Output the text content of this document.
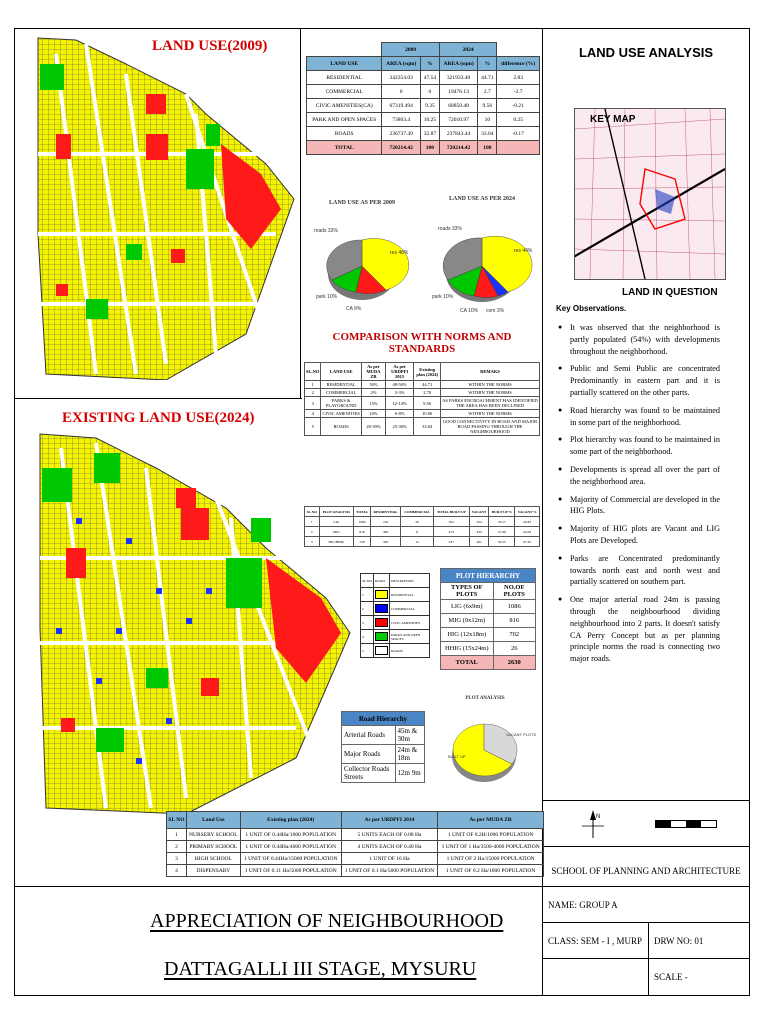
LAND USE(2009)
EXISTING LAND USE(2024)
	2009		2024		
LAND USE	AREA (sqm)	%	AREA (sqm)	%	difference (%)
RESIDENTIAL	342354.03	47.54	321933.40	44.71	2.83
COMMERCIAL	0	0	19476.13	2.7	-2.7
CIVIC AMENITIES(CA)	67319.494	9.35	68850.48	9.56	-0.21
PARK AND OPEN SPACES	73803.4	10.25	72010.97	10	0.25
ROADS	236737.49	32.87	237843.44	33.04	-0.17
TOTAL	720214.42	100	720214.42	100	
LAND USE AS PER 2009
roads 33%
park 10%
CA 9%
res 48%
LAND USE AS PER 2024
roads 33%
park 10%
CA 10% com 3%
res 44%
COMPARISON WITH NORMS AND STANDARDS
SL.NO	LAND USE	As per MUDA ZR	As per URDPFI 2015	Existing plan (2024)	REMAKS
1	RESIDENTIAL	50%	48-50%	44.71	WITHIN THE NORMS
2	COMMERCIAL	2%	2-3%	2.70	WITHIN THE NORMS
3	PARKS & PLAYGROUND	15%	12-14%	9.56	AS PARKS ENCROACHMENT HAS IDENTIFIED THE AREA HAS BEEN DECLINED
4	CIVIC AMENITIES	10%	6-8%	10.00	WITHIN THE NORMS
5	ROADS	20-30%	25-30%	33.04	GOOD CONNECTIVITY IN ROAD AND MAJOR ROAD PASSING THROUGH THE NEIGHBOURHOOD
SL.NO	PLOT ANALYSIS	TOTAL	RESIDENTIAL	COMMERCIAL	TOTAL BUILT UP	VACANT	BUILT UP %	VACANT %
1	LIG	1086	742	20	762	324	70.17	29.83
2	MIG	816	465	8	473	343	57.96	42.04
3	HIG/HHIG	728	365	12	237	491	32.55	67.45
SL.NO	ROAD	DESCRIPTION
1		RESIDENTIAL
2		COMMERCIAL
3		CIVIC AMENITIES
4		PARKS AND OPEN SPACES
5		ROADS
PLOT HIERARCHY	
TYPES OF PLOTS	NO.OF PLOTS
LIG (6x9m)	1086
MIG (9x12m)	816
HIG (12x18m)	702
HHIG (15x24m)	26
TOTAL	2630
Road Hierarchy	
Arterial Roads	45m & 30m
Major Roads	24m & 18m
Collector Roads Streets	12m 9m
PLOT ANALYSIS
VACANT PLOTS
BUILT UP
SL NO	Land Use	Existing plan (2024)	As per URDPFI 2014	As per MUDA ZR
1	NURSERY SCHOOL	1 UNIT OF 0.44Ha/1000 POPULATION	5 UNITS EACH OF 0.08 Ha	1 UNIT OF 0.2H/1000 POPULATION
2	PRIMARY SCHOOL	1 UNIT OF 0.44Ha/4000 POPULATION	4 UNITS EACH OF 0.40 Ha	1 UNIT OF 1 Ha/3500-4000 POPULATION
3	HIGH SCHOOL	1 UNIT OF 0.44Ha/15000 POPULATION	1 UNIT OF 16 Ha	1 UNIT OF 2 Ha/15000 POPULATION
4	DISPENSARY	1 UNIT OF 0.11 Ha/5000 POPULATION	1 UNIT OF 0.1 Ha/5000 POPULATION	1 UNIT OF 0.2 Ha/1000 POPULATION
LAND USE ANALYSIS
KEY MAP
LAND IN QUESTION
Key Observations.
● It was observed that the neighborhood is partly populated (54%) with developments throughout the neighborhood.
● Public and Semi Public are concentrated Predominantly in eastern part and it is partially scattered on the other parts.
● Road hierarchy was found to be maintained in some part of the neighborhood.
● Plot hierarchy was found to be maintained in some part of the neighborhood.
● Developments is spread all over the part of the neighborhood area.
● Majority of Commercial are developed in the HIG Plots.
● Majority of HIG plots are Vacant and LIG Plots are Developed.
● Parks are Concentrated predominantly towards north east and north west and partially scattered on southern part.
● One major arterial road 24m is passing through the neighbourhood dividing neighbourhood into 2 parts. It doesn't satisfy CA Perry Concept but as per planning principle norms the road is connecting two major roads.
N
SCHOOL OF PLANNING AND ARCHITECTURE
APPRECIATION OF NEIGHBOURHOOD
DATTAGALLI III STAGE, MYSURU
NAME: GROUP A
CLASS: SEM - I , MURP DRW NO: 01
SCALE -
